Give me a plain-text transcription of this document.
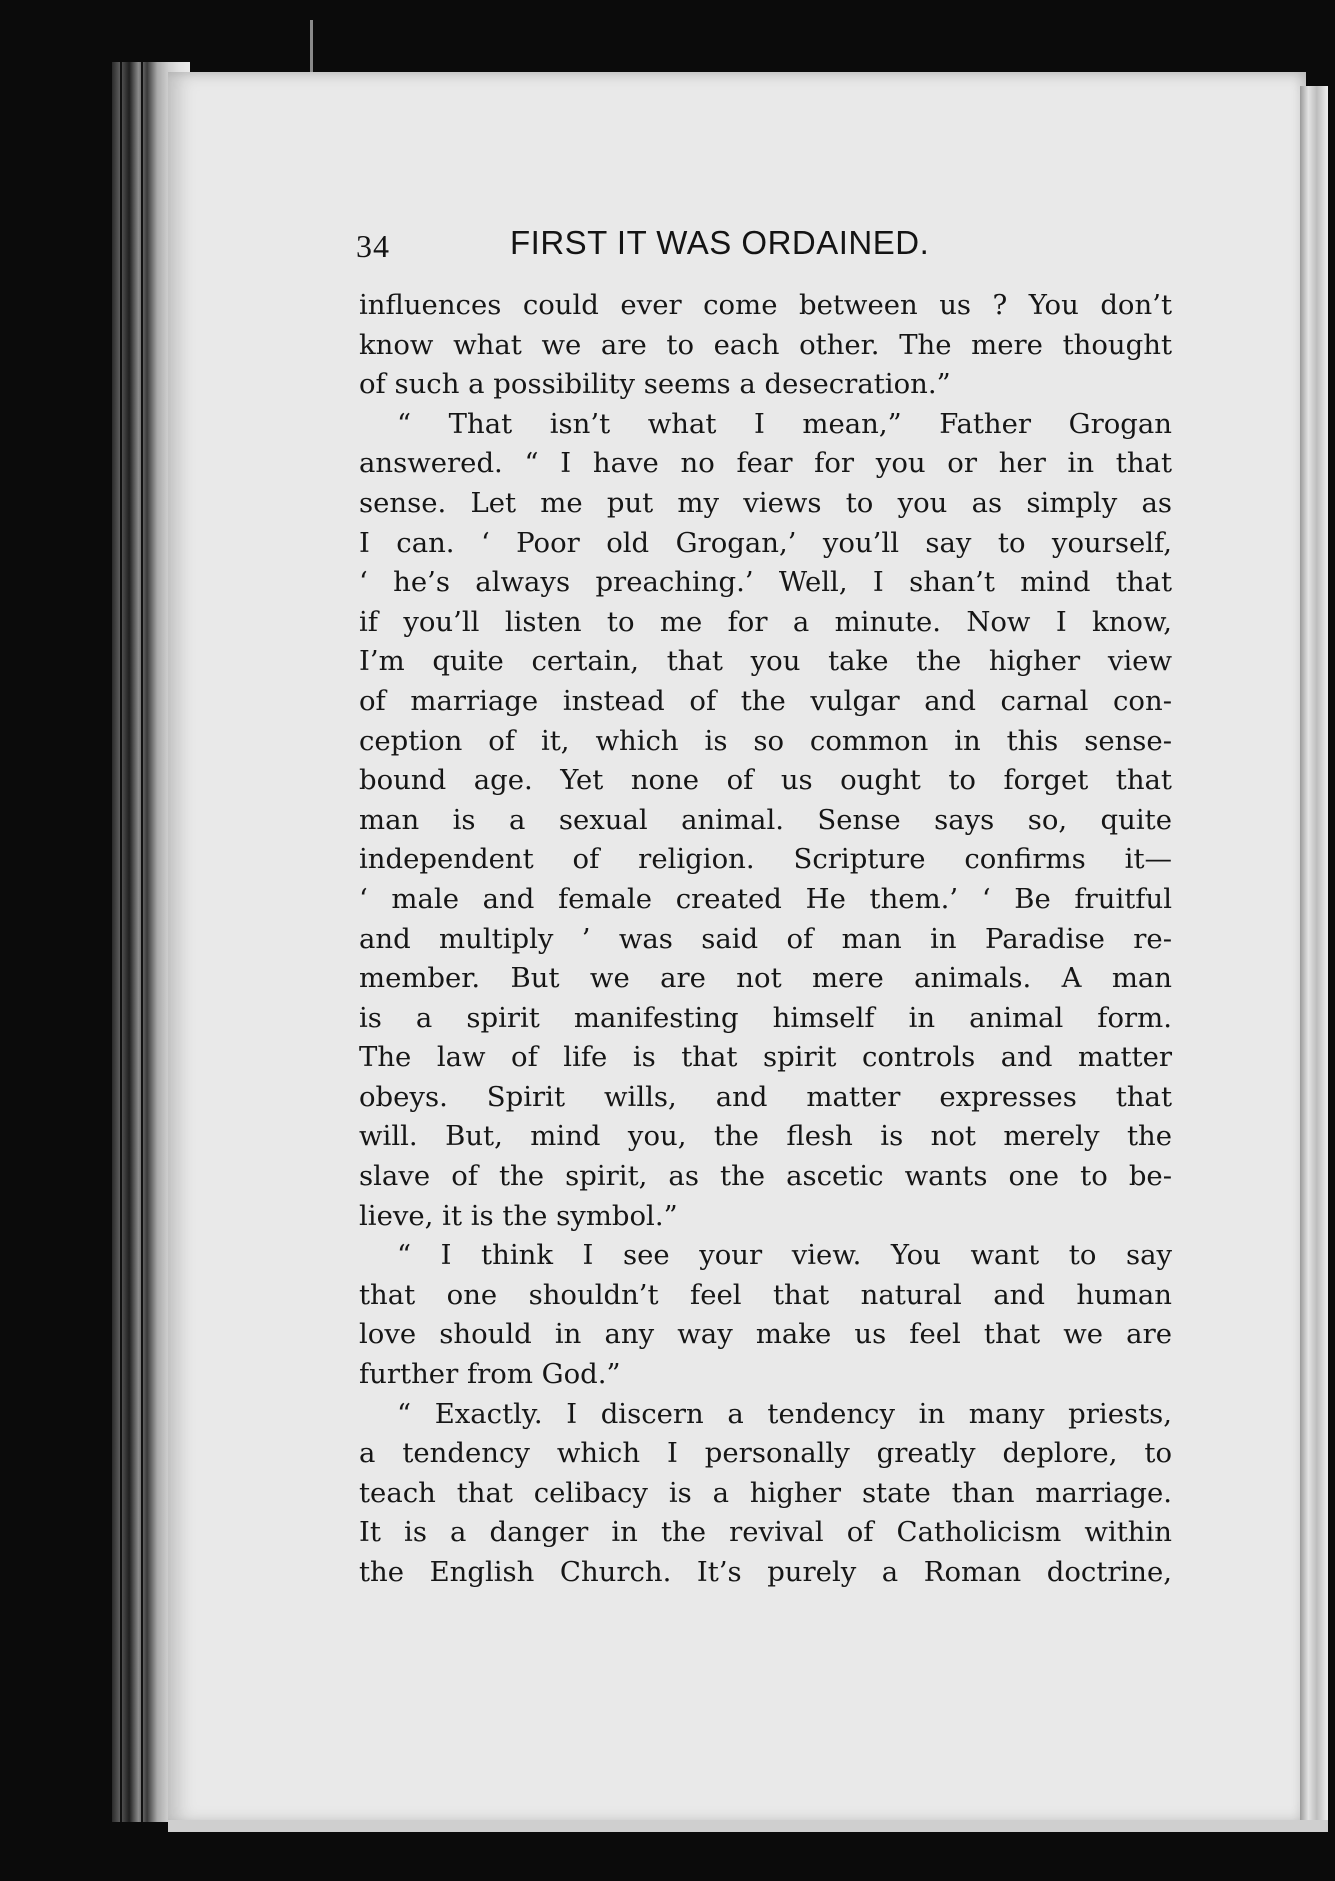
34	FIRST IT WAS ORDAINED.
influences could ever come between us ? You don’t
know what we are to each other. The mere thought
of such a possibility seems a desecration.”
“ That isn’t what I mean,” Father Grogan
answered. “ I have no fear for you or her in that
sense. Let me put my views to you as simply as
I can. ‘ Poor old Grogan,’ you’ll say to yourself,
‘ he’s always preaching.’ Well, I shan’t mind that
if you’ll listen to me for a minute. Now I know,
I’m quite certain, that you take the higher view
of marriage instead of the vulgar and carnal con-
ception of it, which is so common in this sense-
bound age. Yet none of us ought to forget that
man is a sexual animal. Sense says so, quite
independent of religion. Scripture confirms it—
‘ male and female created He them.’ ‘ Be fruitful
and multiply ’ was said of man in Paradise re-
member. But we are not mere animals. A man
is a spirit manifesting himself in animal form.
The law of life is that spirit controls and matter
obeys. Spirit wills, and matter expresses that
will. But, mind you, the flesh is not merely the
slave of the spirit, as the ascetic wants one to be-
lieve, it is the symbol.”
“ I think I see your view. You want to say
that one shouldn’t feel that natural and human
love should in any way make us feel that we are
further from God.”
“ Exactly. I discern a tendency in many priests,
a tendency which I personally greatly deplore, to
teach that celibacy is a higher state than marriage.
It is a danger in the revival of Catholicism within
the English Church. It’s purely a Roman doctrine,
